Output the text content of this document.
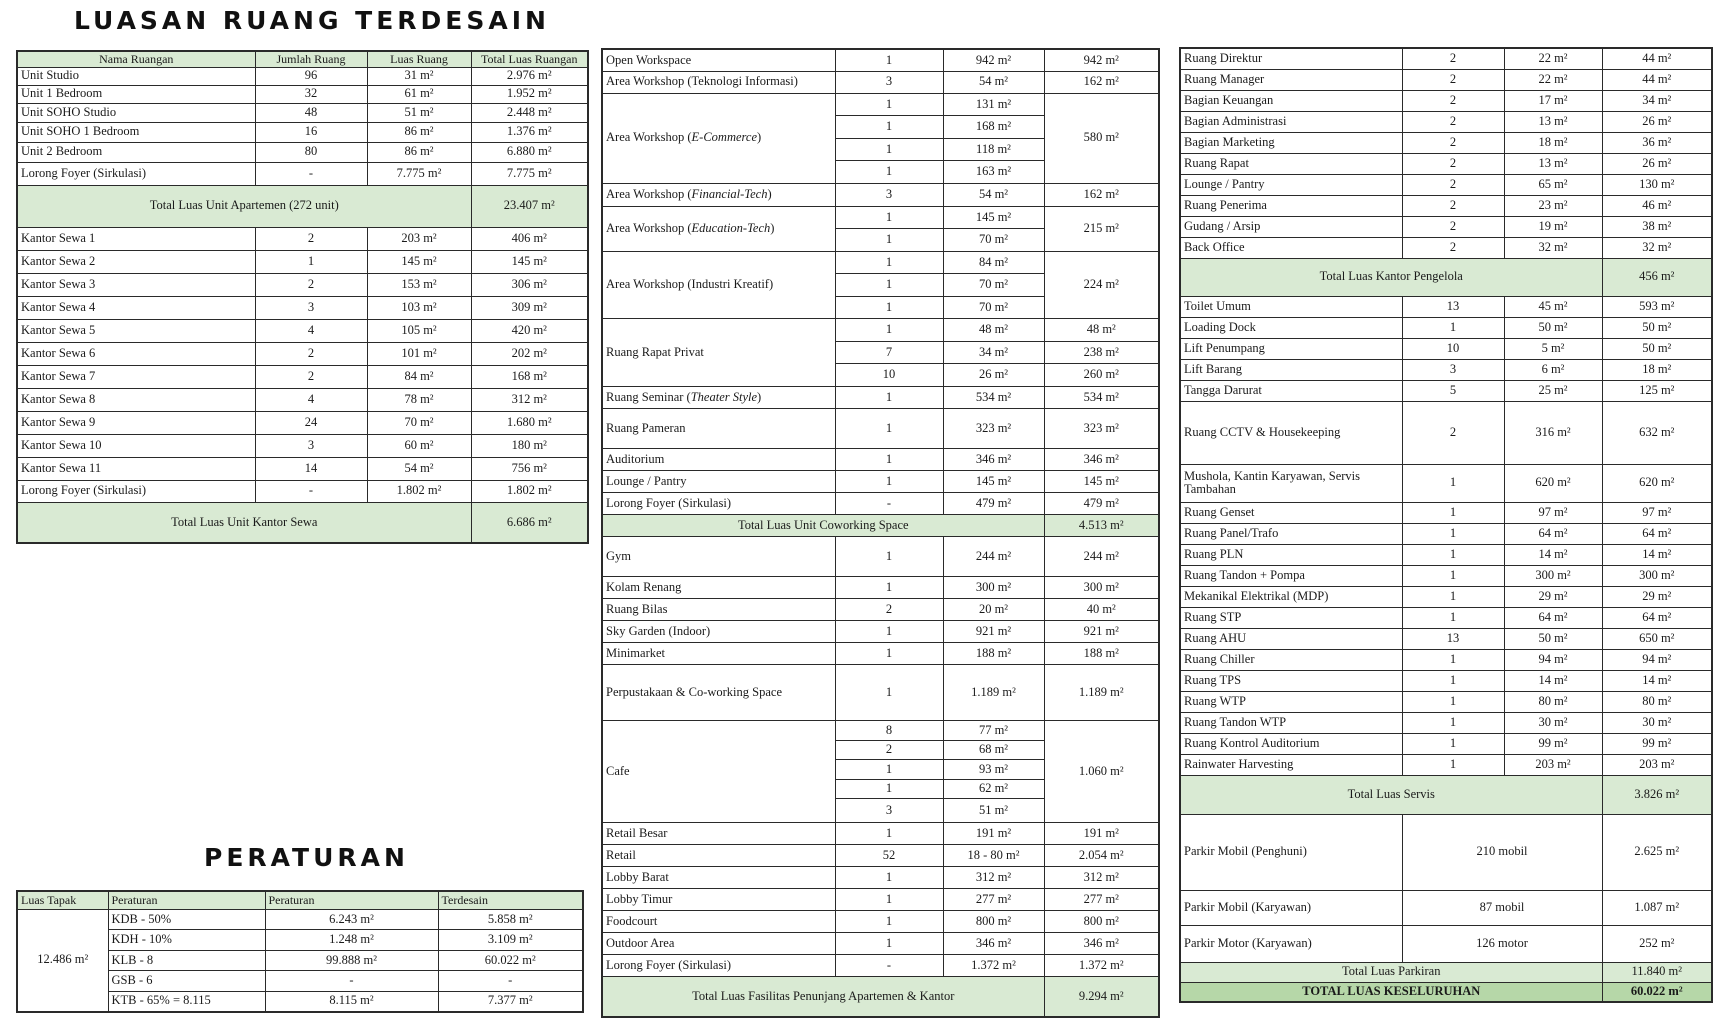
LUASAN RUANG TERDESAIN
PERATURAN
Nama Ruangan	Jumlah Ruang	Luas Ruang	Total Luas Ruangan
Unit Studio	96	31 m²	2.976 m²
Unit 1 Bedroom	32	61 m²	1.952 m²
Unit SOHO Studio	48	51 m²	2.448 m²
Unit SOHO 1 Bedroom	16	86 m²	1.376 m²
Unit 2 Bedroom	80	86 m²	6.880 m²
Lorong Foyer (Sirkulasi)	-	7.775 m²	7.775 m²
Total Luas Unit Apartemen (272 unit)			23.407 m²
Kantor Sewa 1	2	203 m²	406 m²
Kantor Sewa 2	1	145 m²	145 m²
Kantor Sewa 3	2	153 m²	306 m²
Kantor Sewa 4	3	103 m²	309 m²
Kantor Sewa 5	4	105 m²	420 m²
Kantor Sewa 6	2	101 m²	202 m²
Kantor Sewa 7	2	84 m²	168 m²
Kantor Sewa 8	4	78 m²	312 m²
Kantor Sewa 9	24	70 m²	1.680 m²
Kantor Sewa 10	3	60 m²	180 m²
Kantor Sewa 11	14	54 m²	756 m²
Lorong Foyer (Sirkulasi)	-	1.802 m²	1.802 m²
Total Luas Unit Kantor Sewa			6.686 m²
Open Workspace	1	942 m²	942 m²
Area Workshop (Teknologi Informasi)	3	54 m²	162 m²
Area Workshop (E-Commerce)	1	131 m²	580 m²
	1	168 m²	
	1	118 m²	
	1	163 m²	
Area Workshop (Financial-Tech)	3	54 m²	162 m²
Area Workshop (Education-Tech)	1	145 m²	215 m²
	1	70 m²	
Area Workshop (Industri Kreatif)	1	84 m²	224 m²
	1	70 m²	
	1	70 m²	
Ruang Rapat Privat	1	48 m²	48 m²
	7	34 m²	238 m²
	10	26 m²	260 m²
Ruang Seminar (Theater Style)	1	534 m²	534 m²
Ruang Pameran	1	323 m²	323 m²
Auditorium	1	346 m²	346 m²
Lounge / Pantry	1	145 m²	145 m²
Lorong Foyer (Sirkulasi)	-	479 m²	479 m²
Total Luas Unit Coworking Space			4.513 m²
Gym	1	244 m²	244 m²
Kolam Renang	1	300 m²	300 m²
Ruang Bilas	2	20 m²	40 m²
Sky Garden (Indoor)	1	921 m²	921 m²
Minimarket	1	188 m²	188 m²
Perpustakaan & Co-working Space	1	1.189 m²	1.189 m²
Cafe	8	77 m²	1.060 m²
	2	68 m²	
	1	93 m²	
	1	62 m²	
	3	51 m²	
Retail Besar	1	191 m²	191 m²
Retail	52	18 - 80 m²	2.054 m²
Lobby Barat	1	312 m²	312 m²
Lobby Timur	1	277 m²	277 m²
Foodcourt	1	800 m²	800 m²
Outdoor Area	1	346 m²	346 m²
Lorong Foyer (Sirkulasi)	-	1.372 m²	1.372 m²
Total Luas Fasilitas Penunjang Apartemen & Kantor			9.294 m²
Ruang Direktur	2	22 m²	44 m²
Ruang Manager	2	22 m²	44 m²
Bagian Keuangan	2	17 m²	34 m²
Bagian Administrasi	2	13 m²	26 m²
Bagian Marketing	2	18 m²	36 m²
Ruang Rapat	2	13 m²	26 m²
Lounge / Pantry	2	65 m²	130 m²
Ruang Penerima	2	23 m²	46 m²
Gudang / Arsip	2	19 m²	38 m²
Back Office	2	32 m²	32 m²
Total Luas Kantor Pengelola			456 m²
Toilet Umum	13	45 m²	593 m²
Loading Dock	1	50 m²	50 m²
Lift Penumpang	10	5 m²	50 m²
Lift Barang	3	6 m²	18 m²
Tangga Darurat	5	25 m²	125 m²
Ruang CCTV & Housekeeping	2	316 m²	632 m²
Mushola, Kantin Karyawan, Servis Tambahan	1	620 m²	620 m²
Ruang Genset	1	97 m²	97 m²
Ruang Panel/Trafo	1	64 m²	64 m²
Ruang PLN	1	14 m²	14 m²
Ruang Tandon + Pompa	1	300 m²	300 m²
Mekanikal Elektrikal (MDP)	1	29 m²	29 m²
Ruang STP	1	64 m²	64 m²
Ruang AHU	13	50 m²	650 m²
Ruang Chiller	1	94 m²	94 m²
Ruang TPS	1	14 m²	14 m²
Ruang WTP	1	80 m²	80 m²
Ruang Tandon WTP	1	30 m²	30 m²
Ruang Kontrol Auditorium	1	99 m²	99 m²
Rainwater Harvesting	1	203 m²	203 m²
Total Luas Servis			3.826 m²
Parkir Mobil (Penghuni)	210 mobil		2.625 m²
Parkir Mobil (Karyawan)	87 mobil		1.087 m²
Parkir Motor (Karyawan)	126 motor		252 m²
Total Luas Parkiran			11.840 m²
TOTAL LUAS KESELURUHAN			60.022 m²
Luas Tapak	Peraturan	Peraturan	Terdesain
12.486 m²	KDB - 50%	6.243 m²	5.858 m²
	KDH - 10%	1.248 m²	3.109 m²
	KLB - 8	99.888 m²	60.022 m²
	GSB - 6	-	-
	KTB - 65% = 8.115	8.115 m²	7.377 m²
